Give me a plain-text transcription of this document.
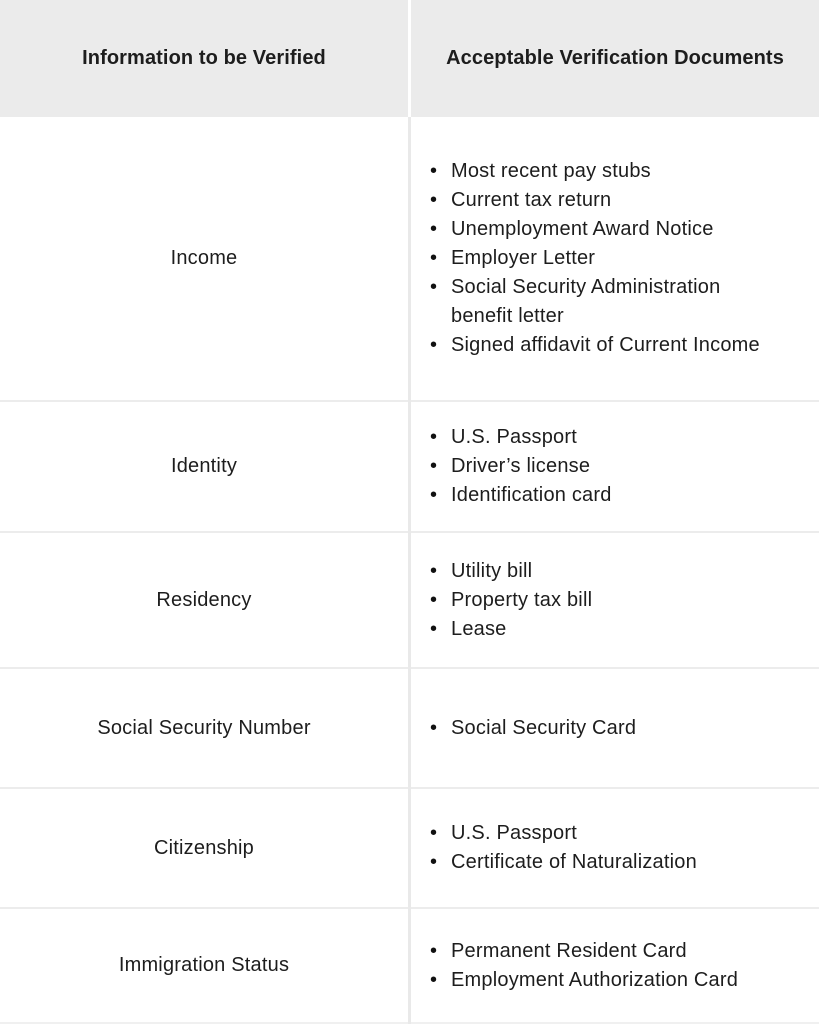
Information to be Verified	Acceptable Verification Documents
Income
• Most recent pay stubs
• Current tax return
• Unemployment Award Notice
• Employer Letter
• Social Security Administration benefit letter
• Signed affidavit of Current Income
Identity
• U.S. Passport
• Driver’s license
• Identification card
Residency
• Utility bill
• Property tax bill
• Lease
Social Security Number	• Social Security Card
Citizenship
• U.S. Passport
• Certificate of Naturalization
Immigration Status
• Permanent Resident Card
• Employment Authorization Card
